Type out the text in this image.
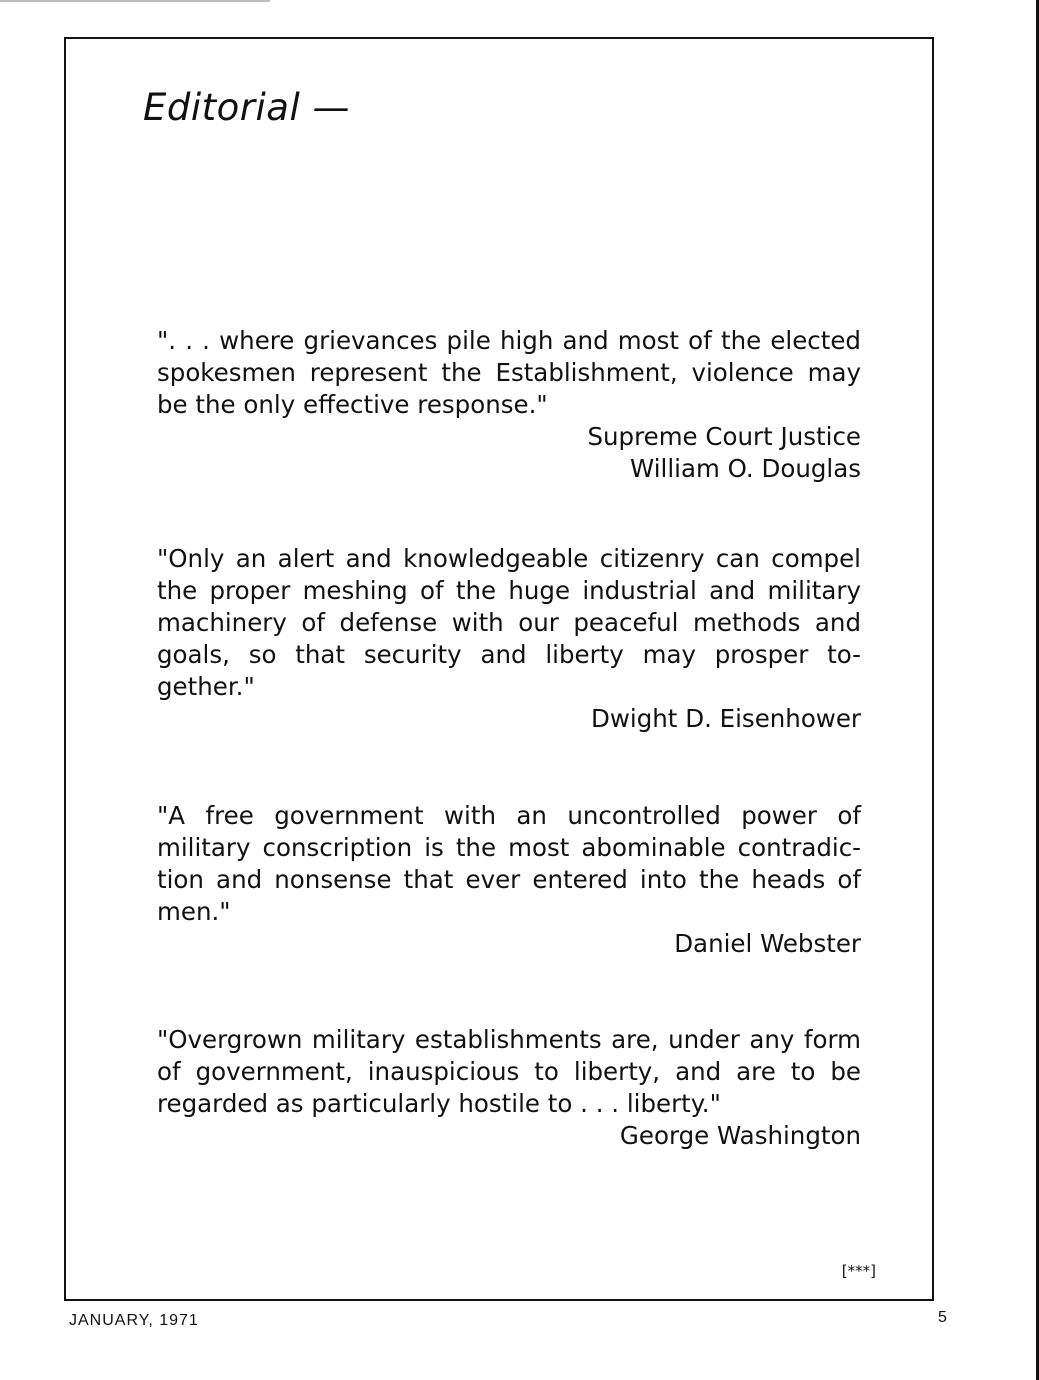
Editorial —

". . . where grievances pile high and most of the elected spokesmen represent the Establishment, violence may be the only effective response."

Supreme Court Justice

William O. Douglas

"Only an alert and knowledgeable citizenry can compel the proper meshing of the huge industrial and military machinery of defense with our peaceful methods and goals, so that security and liberty may prosper to-gether."

Dwight D. Eisenhower

"A free government with an uncontrolled power of military conscription is the most abominable contradic-tion and nonsense that ever entered into the heads of men."

Daniel Webster

"Overgrown military establishments are, under any form of government, inauspicious to liberty, and are to be regarded as particularly hostile to . . . liberty."

George Washington

[***]
JANUARY, 1971	5
